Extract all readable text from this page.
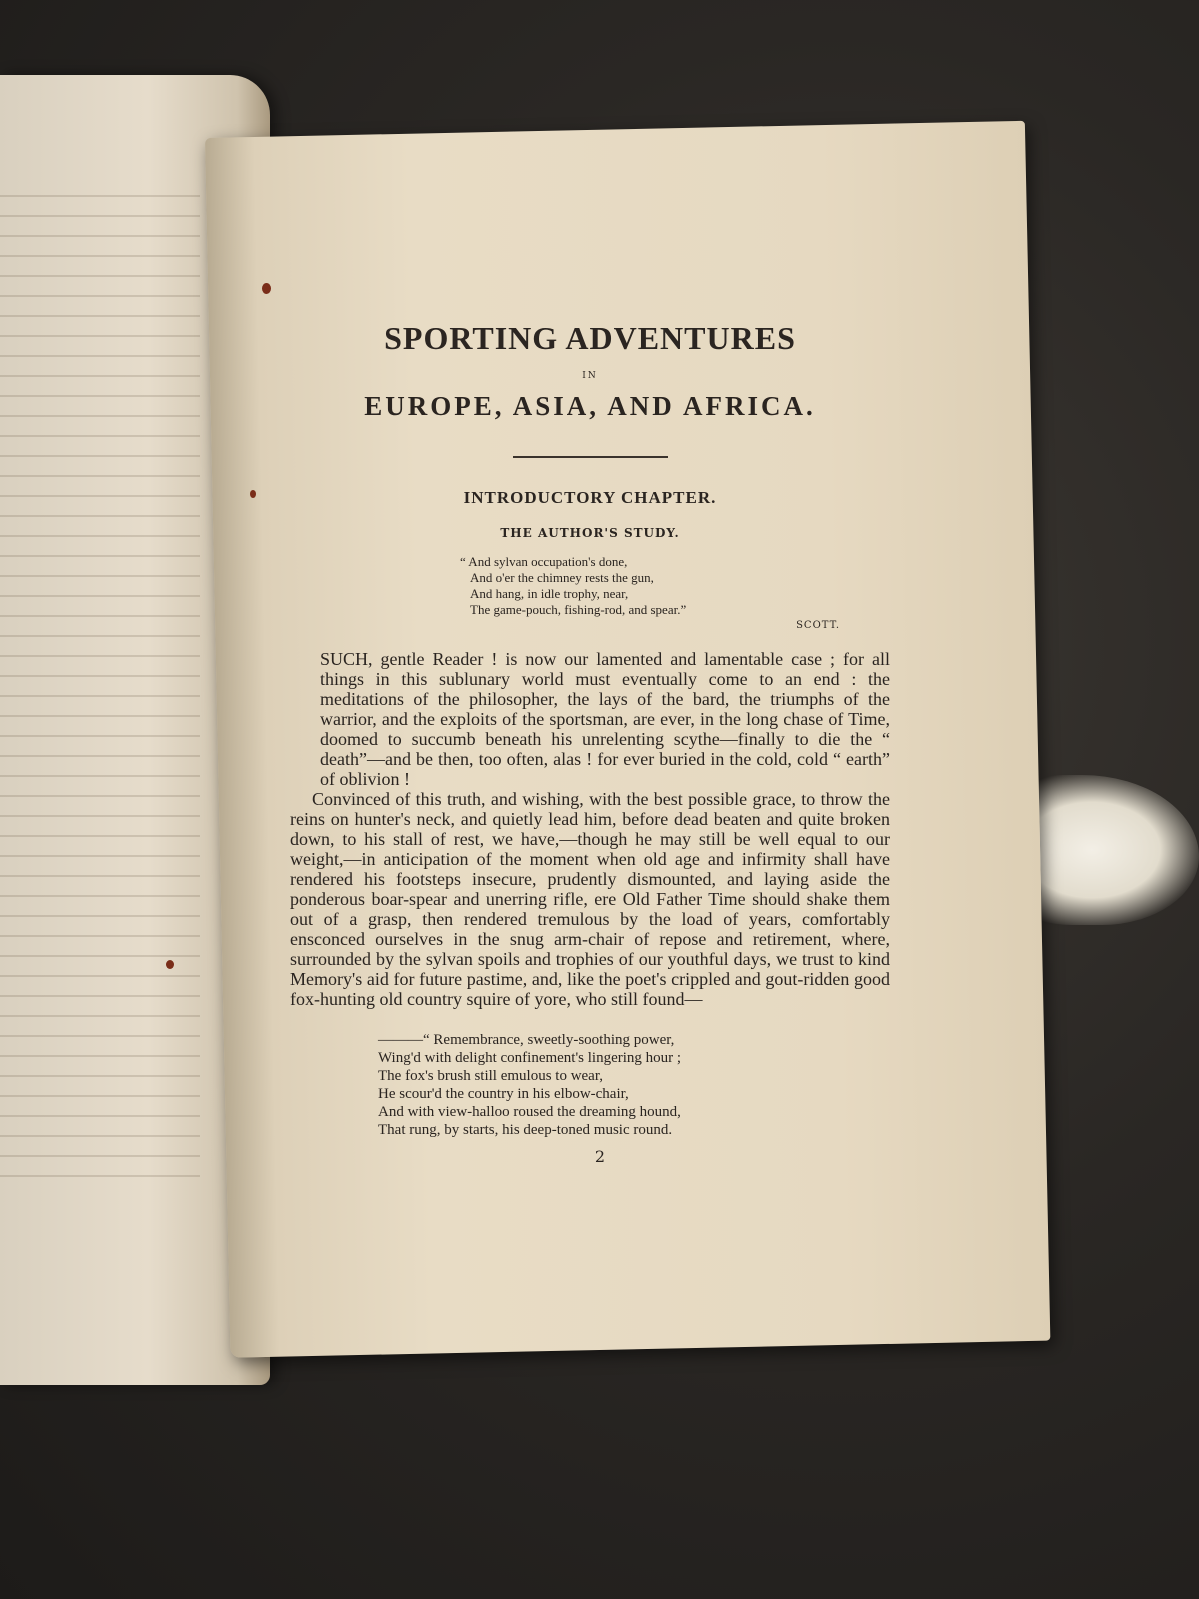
SPORTING ADVENTURES
IN
EUROPE, ASIA, AND AFRICA.
INTRODUCTORY CHAPTER.
THE AUTHOR'S STUDY.
“ And sylvan occupation's done,
And o'er the chimney rests the gun,
And hang, in idle trophy, near,
The game-pouch, fishing-rod, and spear.”
SCOTT.

SUCH, gentle Reader ! is now our lamented and lamentable case ; for all things in this sublunary world must eventually come to an end : the meditations of the philosopher, the lays of the bard, the triumphs of the warrior, and the exploits of the sportsman, are ever, in the long chase of Time, doomed to succumb beneath his unrelenting scythe—finally to die the “ death”—and be then, too often, alas ! for ever buried in the cold, cold “ earth” of oblivion !

Convinced of this truth, and wishing, with the best possible grace, to throw the reins on hunter's neck, and quietly lead him, before dead beaten and quite broken down, to his stall of rest, we have,—though he may still be well equal to our weight,—in anticipation of the moment when old age and infirmity shall have rendered his footsteps insecure, prudently dismounted, and laying aside the ponderous boar-spear and unerring rifle, ere Old Father Time should shake them out of a grasp, then rendered tremulous by the load of years, comfortably ensconced ourselves in the snug arm-chair of repose and retirement, where, surrounded by the sylvan spoils and trophies of our youthful days, we trust to kind Memory's aid for future pastime, and, like the poet's crippled and gout-ridden good fox-hunting old country squire of yore, who still found—

———“ Remembrance, sweetly-soothing power,
Wing'd with delight confinement's lingering hour ;
The fox's brush still emulous to wear,
He scour'd the country in his elbow-chair,
And with view-halloo roused the dreaming hound,
That rung, by starts, his deep-toned music round.
2
